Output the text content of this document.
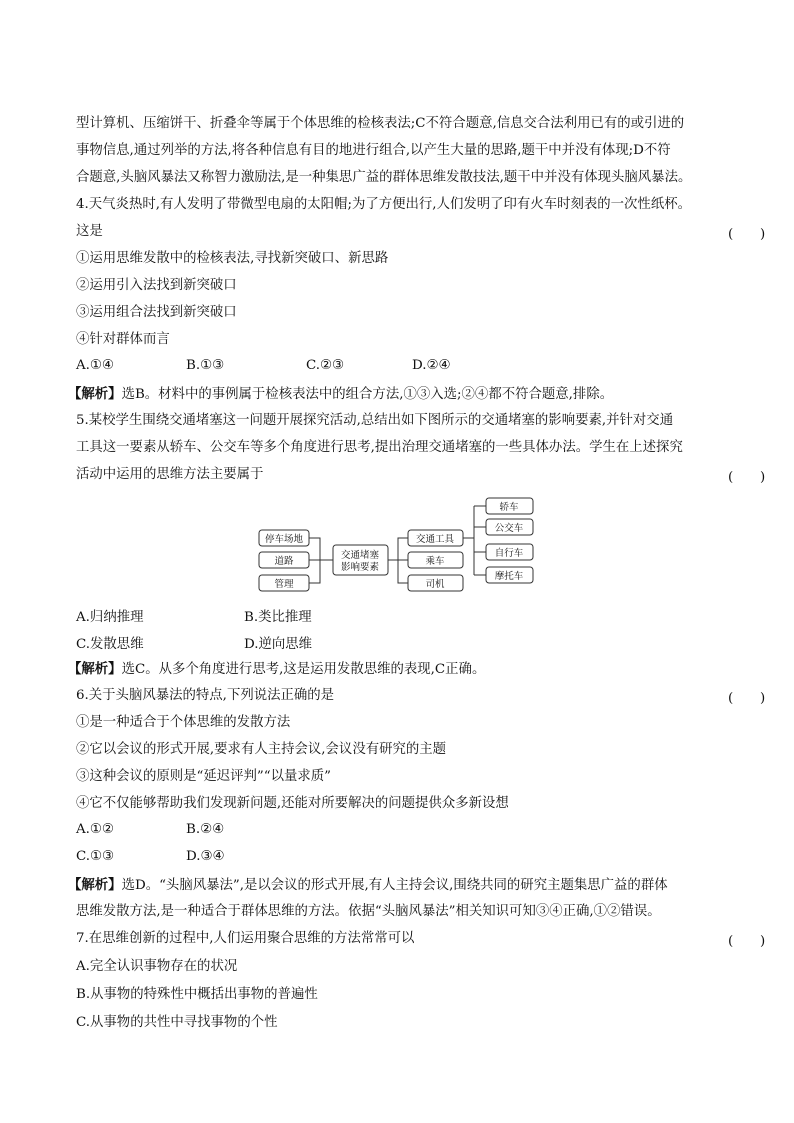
型计算机、压缩饼干、折叠伞等属于个体思维的检核表法;C不符合题意,信息交合法利用已有的或引进的
事物信息,通过列举的方法,将各种信息有目的地进行组合,以产生大量的思路,题干中并没有体现;D不符
合题意,头脑风暴法又称智力激励法,是一种集思广益的群体思维发散技法,题干中并没有体现头脑风暴法。
4.天气炎热时,有人发明了带微型电扇的太阳帽;为了方便出行,人们发明了印有火车时刻表的一次性纸杯。
这是	(　　)
①运用思维发散中的检核表法,寻找新突破口、新思路
②运用引入法找到新突破口
③运用组合法找到新突破口
④针对群体而言
A.①④	B.①③	C.②③	D.②④
【解析】选B。材料中的事例属于检核表法中的组合方法,①③入选;②④都不符合题意,排除。
5.某校学生围绕交通堵塞这一问题开展探究活动,总结出如下图所示的交通堵塞的影响要素,并针对交通
工具这一要素从轿车、公交车等多个角度进行思考,提出治理交通堵塞的一些具体办法。学生在上述探究
活动中运用的思维方法主要属于	(　　)
停车场地
道路
管理
交通堵塞
影响要素
交通工具
乘车
司机
轿车
公交车
自行车
摩托车
A.归纳推理	B.类比推理
C.发散思维	D.逆向思维
【解析】选C。从多个角度进行思考,这是运用发散思维的表现,C正确。
6.关于头脑风暴法的特点,下列说法正确的是	(　　)
①是一种适合于个体思维的发散方法
②它以会议的形式开展,要求有人主持会议,会议没有研究的主题
③这种会议的原则是“延迟评判”“以量求质”
④它不仅能够帮助我们发现新问题,还能对所要解决的问题提供众多新设想
A.①②	B.②④
C.①③	D.③④
【解析】选D。“头脑风暴法”,是以会议的形式开展,有人主持会议,围绕共同的研究主题集思广益的群体
思维发散方法,是一种适合于群体思维的方法。依据“头脑风暴法”相关知识可知③④正确,①②错误。
7.在思维创新的过程中,人们运用聚合思维的方法常常可以	(　　)
A.完全认识事物存在的状况
B.从事物的特殊性中概括出事物的普遍性
C.从事物的共性中寻找事物的个性
